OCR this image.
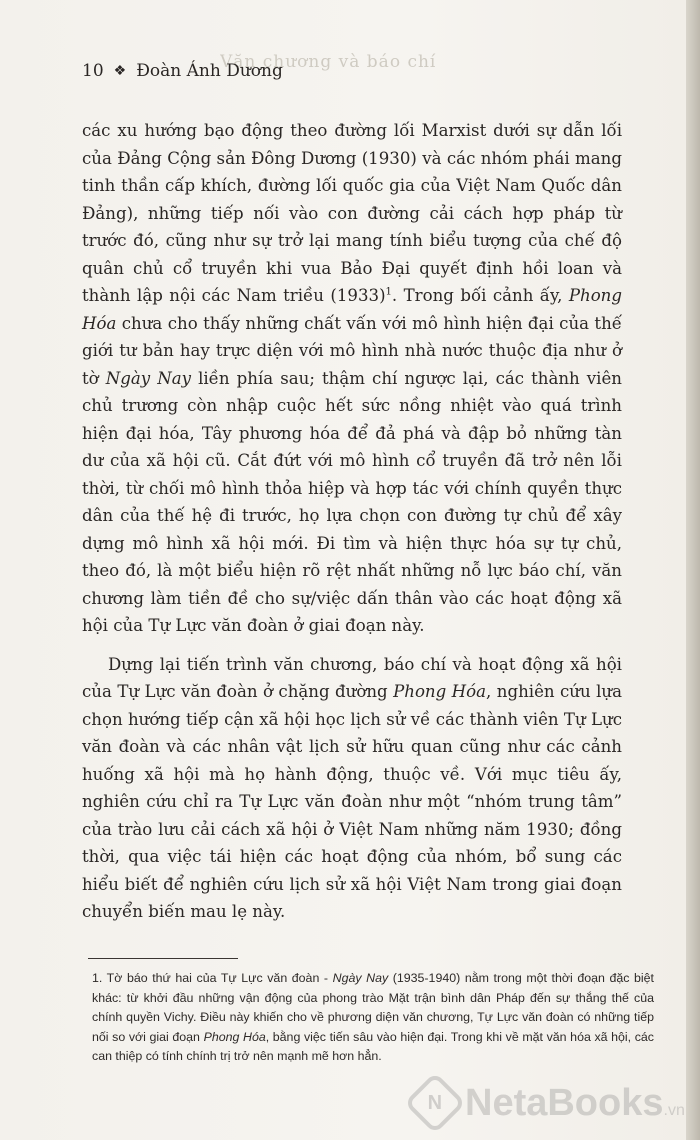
Văn chương và báo chí
10 ❖ Đoàn Ánh Dương

các xu hướng bạo động theo đường lối Marxist dưới sự dẫn lối của Đảng Cộng sản Đông Dương (1930) và các nhóm phái mang tinh thần cấp khích, đường lối quốc gia của Việt Nam Quốc dân Đảng), những tiếp nối vào con đường cải cách hợp pháp từ trước đó, cũng như sự trở lại mang tính biểu tượng của chế độ quân chủ cổ truyền khi vua Bảo Đại quyết định hồi loan và thành lập nội các Nam triều $(1933)^1$. Trong bối cảnh ấy, Phong Hóa chưa cho thấy những chất vấn với mô hình hiện đại của thế giới tư bản hay trực diện với mô hình nhà nước thuộc địa như ở tờ Ngày Nay liền phía sau; thậm chí ngược lại, các thành viên chủ trương còn nhập cuộc hết sức nồng nhiệt vào quá trình hiện đại hóa, Tây phương hóa để đả phá và đập bỏ những tàn dư của xã hội cũ. Cắt đứt với mô hình cổ truyền đã trở nên lỗi thời, từ chối mô hình thỏa hiệp và hợp tác với chính quyền thực dân của thế hệ đi trước, họ lựa chọn con đường tự chủ để xây dựng mô hình xã hội mới. Đi tìm và hiện thực hóa sự tự chủ, theo đó, là một biểu hiện rõ rệt nhất những nỗ lực báo chí, văn chương làm tiền đề cho sự/việc dấn thân vào các hoạt động xã hội của Tự Lực văn đoàn ở giai đoạn này.

Dựng lại tiến trình văn chương, báo chí và hoạt động xã hội của Tự Lực văn đoàn ở chặng đường Phong Hóa, nghiên cứu lựa chọn hướng tiếp cận xã hội học lịch sử về các thành viên Tự Lực văn đoàn và các nhân vật lịch sử hữu quan cũng như các cảnh huống xã hội mà họ hành động, thuộc về. Với mục tiêu ấy, nghiên cứu chỉ ra Tự Lực văn đoàn như một “nhóm trung tâm” của trào lưu cải cách xã hội ở Việt Nam những năm 1930; đồng thời, qua việc tái hiện các hoạt động của nhóm, bổ sung các hiểu biết để nghiên cứu lịch sử xã hội Việt Nam trong giai đoạn chuyển biến mau lẹ này.

1. Tờ báo thứ hai của Tự Lực văn đoàn - Ngày Nay (1935-1940) nằm trong một thời đoạn đặc biệt khác: từ khởi đầu những vận động của phong trào Mặt trận bình dân Pháp đến sự thắng thế của chính quyền Vichy. Điều này khiến cho về phương diện văn chương, Tự Lực văn đoàn có những tiếp nối so với giai đoạn Phong Hóa, bằng việc tiến sâu vào hiện đại. Trong khi về mặt văn hóa xã hội, các can thiệp có tính chính trị trở nên mạnh mẽ hơn hẳn.
N NetaBooks.vn
